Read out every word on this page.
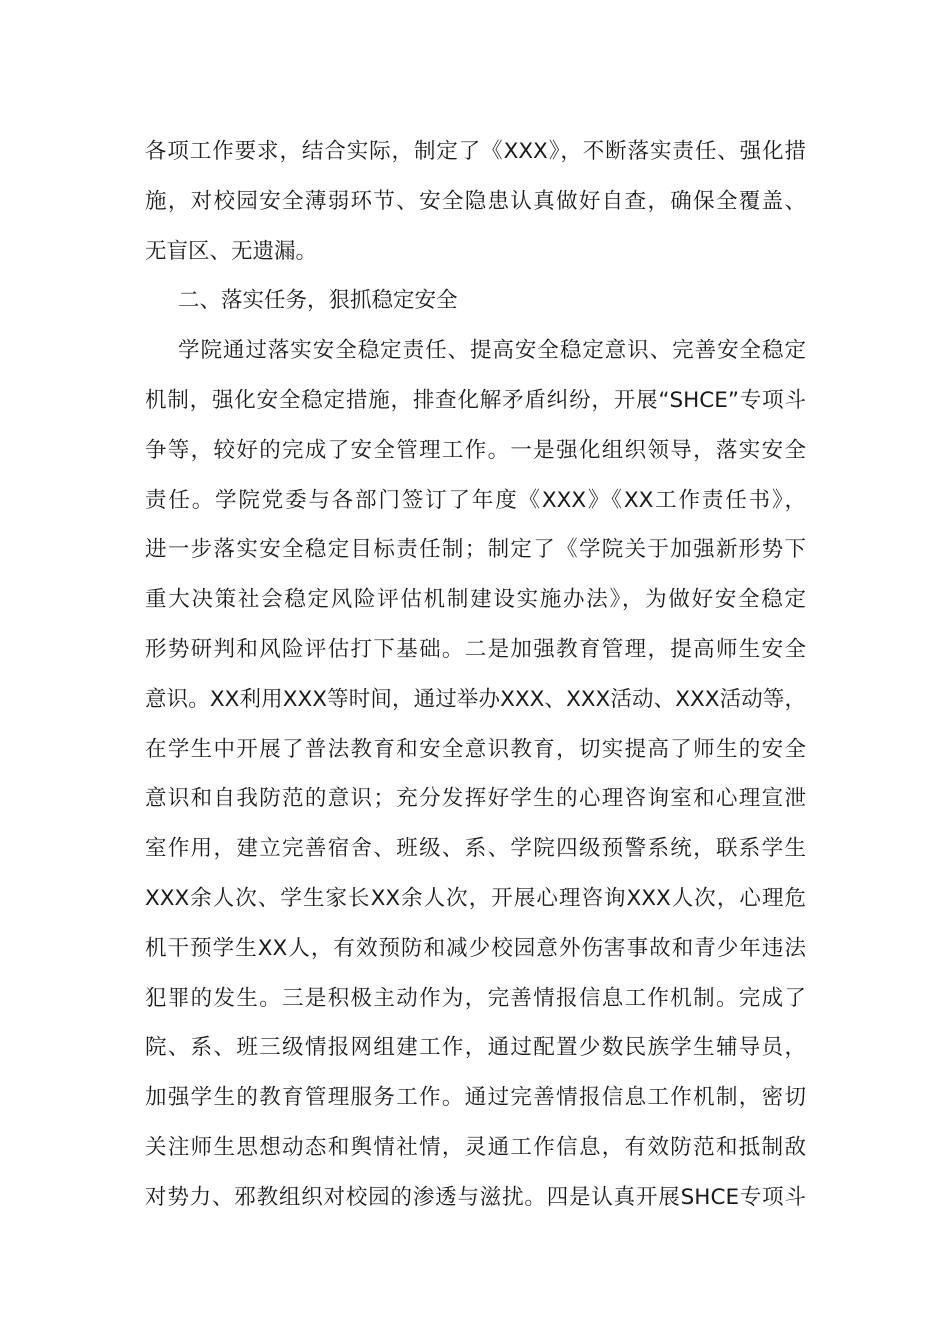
各项工作要求，结合实际，制定了《XXX》，不断落实责任、强化措
施，对校园安全薄弱环节、安全隐患认真做好自查，确保全覆盖、
无盲区、无遗漏。
二、落实任务，狠抓稳定安全
学院通过落实安全稳定责任、提高安全稳定意识、完善安全稳定
机制，强化安全稳定措施，排查化解矛盾纠纷，开展“SHCE”专项斗
争等，较好的完成了安全管理工作。一是强化组织领导，落实安全
责任。学院党委与各部门签订了年度《XXX》《XX工作责任书》，
进一步落实安全稳定目标责任制；制定了《学院关于加强新形势下
重大决策社会稳定风险评估机制建设实施办法》，为做好安全稳定
形势研判和风险评估打下基础。二是加强教育管理，提高师生安全
意识。XX利用XXX等时间，通过举办XXX、XXX活动、XXX活动等，
在学生中开展了普法教育和安全意识教育，切实提高了师生的安全
意识和自我防范的意识；充分发挥好学生的心理咨询室和心理宣泄
室作用，建立完善宿舍、班级、系、学院四级预警系统，联系学生
XXX余人次、学生家长XX余人次，开展心理咨询XXX人次，心理危
机干预学生XX人，有效预防和减少校园意外伤害事故和青少年违法
犯罪的发生。三是积极主动作为，完善情报信息工作机制。完成了
院、系、班三级情报网组建工作，通过配置少数民族学生辅导员，
加强学生的教育管理服务工作。通过完善情报信息工作机制，密切
关注师生思想动态和舆情社情，灵通工作信息，有效防范和抵制敌
对势力、邪教组织对校园的渗透与滋扰。四是认真开展SHCE专项斗
